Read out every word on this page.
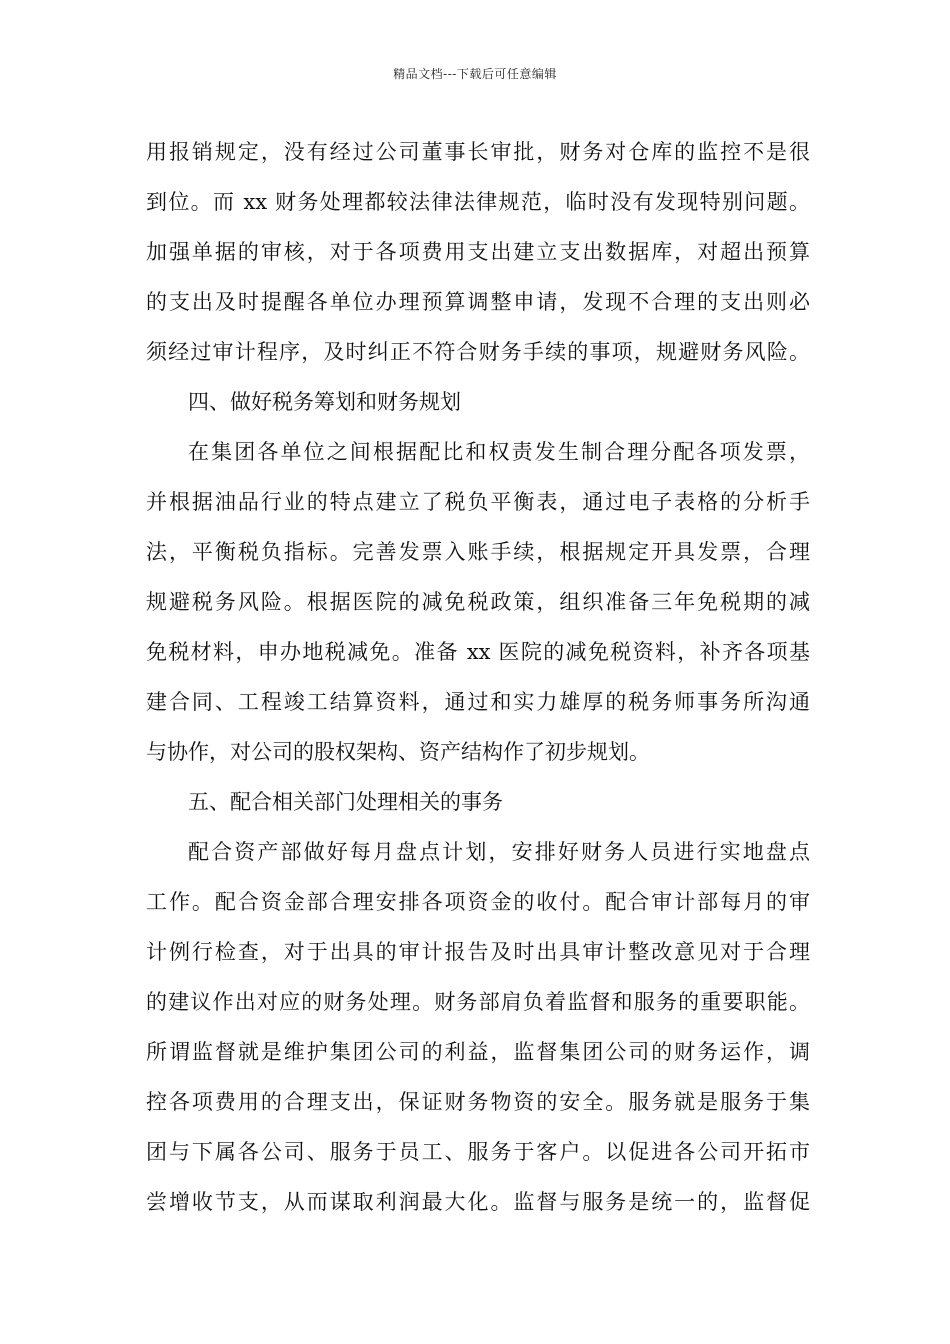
精品文档---下载后可任意编辑
用报销规定，没有经过公司董事长审批，财务对仓库的监控不是很
到位。而 xx 财务处理都较法律法律规范，临时没有发现特别问题。
加强单据的审核，对于各项费用支出建立支出数据库，对超出预算
的支出及时提醒各单位办理预算调整申请，发现不合理的支出则必
须经过审计程序，及时纠正不符合财务手续的事项，规避财务风险。
四、做好税务筹划和财务规划
在集团各单位之间根据配比和权责发生制合理分配各项发票，
并根据油品行业的特点建立了税负平衡表，通过电子表格的分析手
法，平衡税负指标。完善发票入账手续，根据规定开具发票，合理
规避税务风险。根据医院的减免税政策，组织准备三年免税期的减
免税材料，申办地税减免。准备 xx 医院的减免税资料，补齐各项基
建合同、工程竣工结算资料，通过和实力雄厚的税务师事务所沟通
与协作，对公司的股权架构、资产结构作了初步规划。
五、配合相关部门处理相关的事务
配合资产部做好每月盘点计划，安排好财务人员进行实地盘点
工作。配合资金部合理安排各项资金的收付。配合审计部每月的审
计例行检查，对于出具的审计报告及时出具审计整改意见对于合理
的建议作出对应的财务处理。财务部肩负着监督和服务的重要职能。
所谓监督就是维护集团公司的利益，监督集团公司的财务运作，调
控各项费用的合理支出，保证财务物资的安全。服务就是服务于集
团与下属各公司、服务于员工、服务于客户。以促进各公司开拓市
尝增收节支，从而谋取利润最大化。监督与服务是统一的，监督促
